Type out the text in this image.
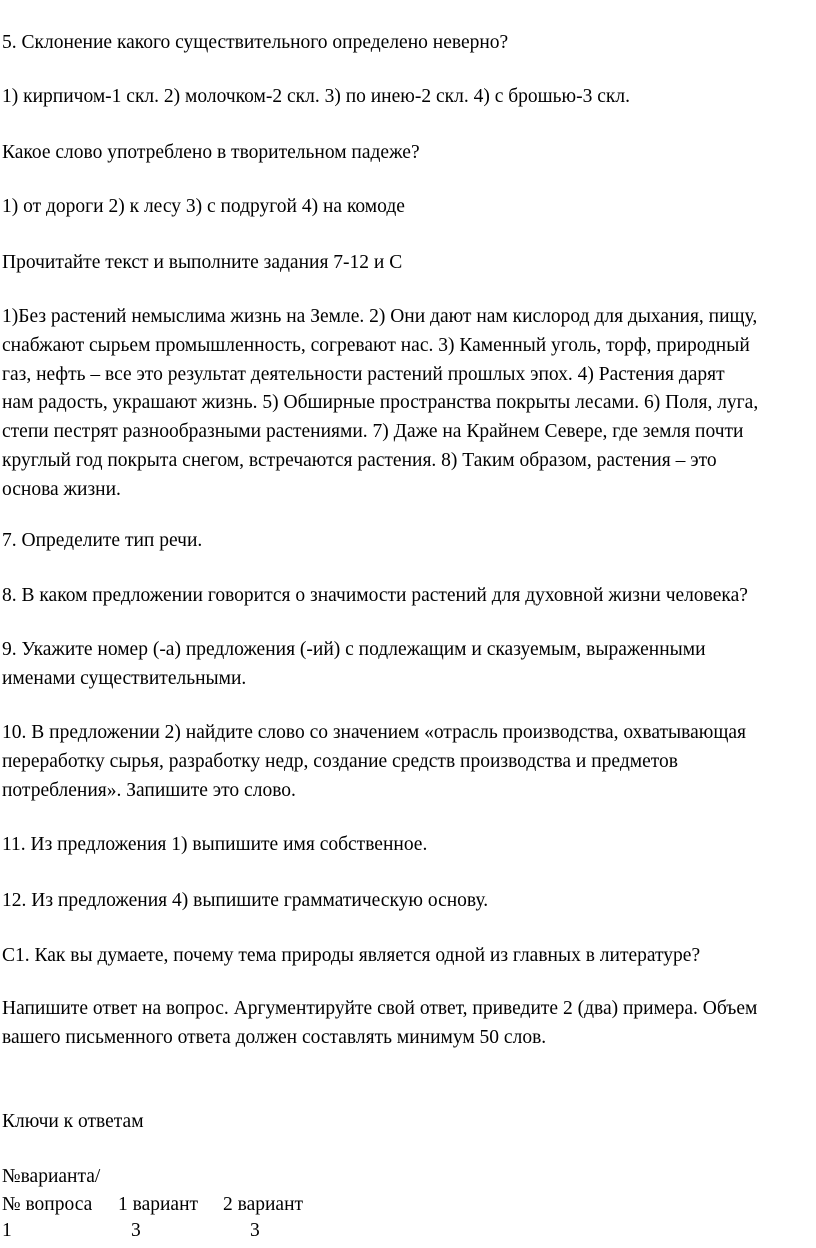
5. Склонение какого существительного определено неверно?
1) кирпичом-1 скл. 2) молочком-2 скл. 3) по инею-2 скл. 4) с брошью-3 скл.
Какое слово употреблено в творительном падеже?
1) от дороги 2) к лесу 3) с подругой 4) на комоде
Прочитайте текст и выполните задания 7-12 и С
1)Без растений немыслима жизнь на Земле. 2) Они дают нам кислород для дыхания, пищу,
снабжают сырьем промышленность, согревают нас. 3) Каменный уголь, торф, природный
газ, нефть – все это результат деятельности растений прошлых эпох. 4) Растения дарят
нам радость, украшают жизнь. 5) Обширные пространства покрыты лесами. 6) Поля, луга,
степи пестрят разнообразными растениями. 7) Даже на Крайнем Севере, где земля почти
круглый год покрыта снегом, встречаются растения. 8) Таким образом, растения – это
основа жизни.
7. Определите тип речи.
8. В каком предложении говорится о значимости растений для духовной жизни человека?
9. Укажите номер (-а) предложения (-ий) с подлежащим и сказуемым, выраженными
именами существительными.
10. В предложении 2) найдите слово со значением «отрасль производства, охватывающая
переработку сырья, разработку недр, создание средств производства и предметов
потребления». Запишите это слово.
11. Из предложения 1) выпишите имя собственное.
12. Из предложения 4) выпишите грамматическую основу.
С1. Как вы думаете, почему тема природы является одной из главных в литературе?
Напишите ответ на вопрос. Аргументируйте свой ответ, приведите 2 (два) примера. Объем
вашего письменного ответа должен составлять минимум 50 слов.
Ключи к ответам
№варианта/
№ вопроса 1 вариант 2 вариант
1	3	3
